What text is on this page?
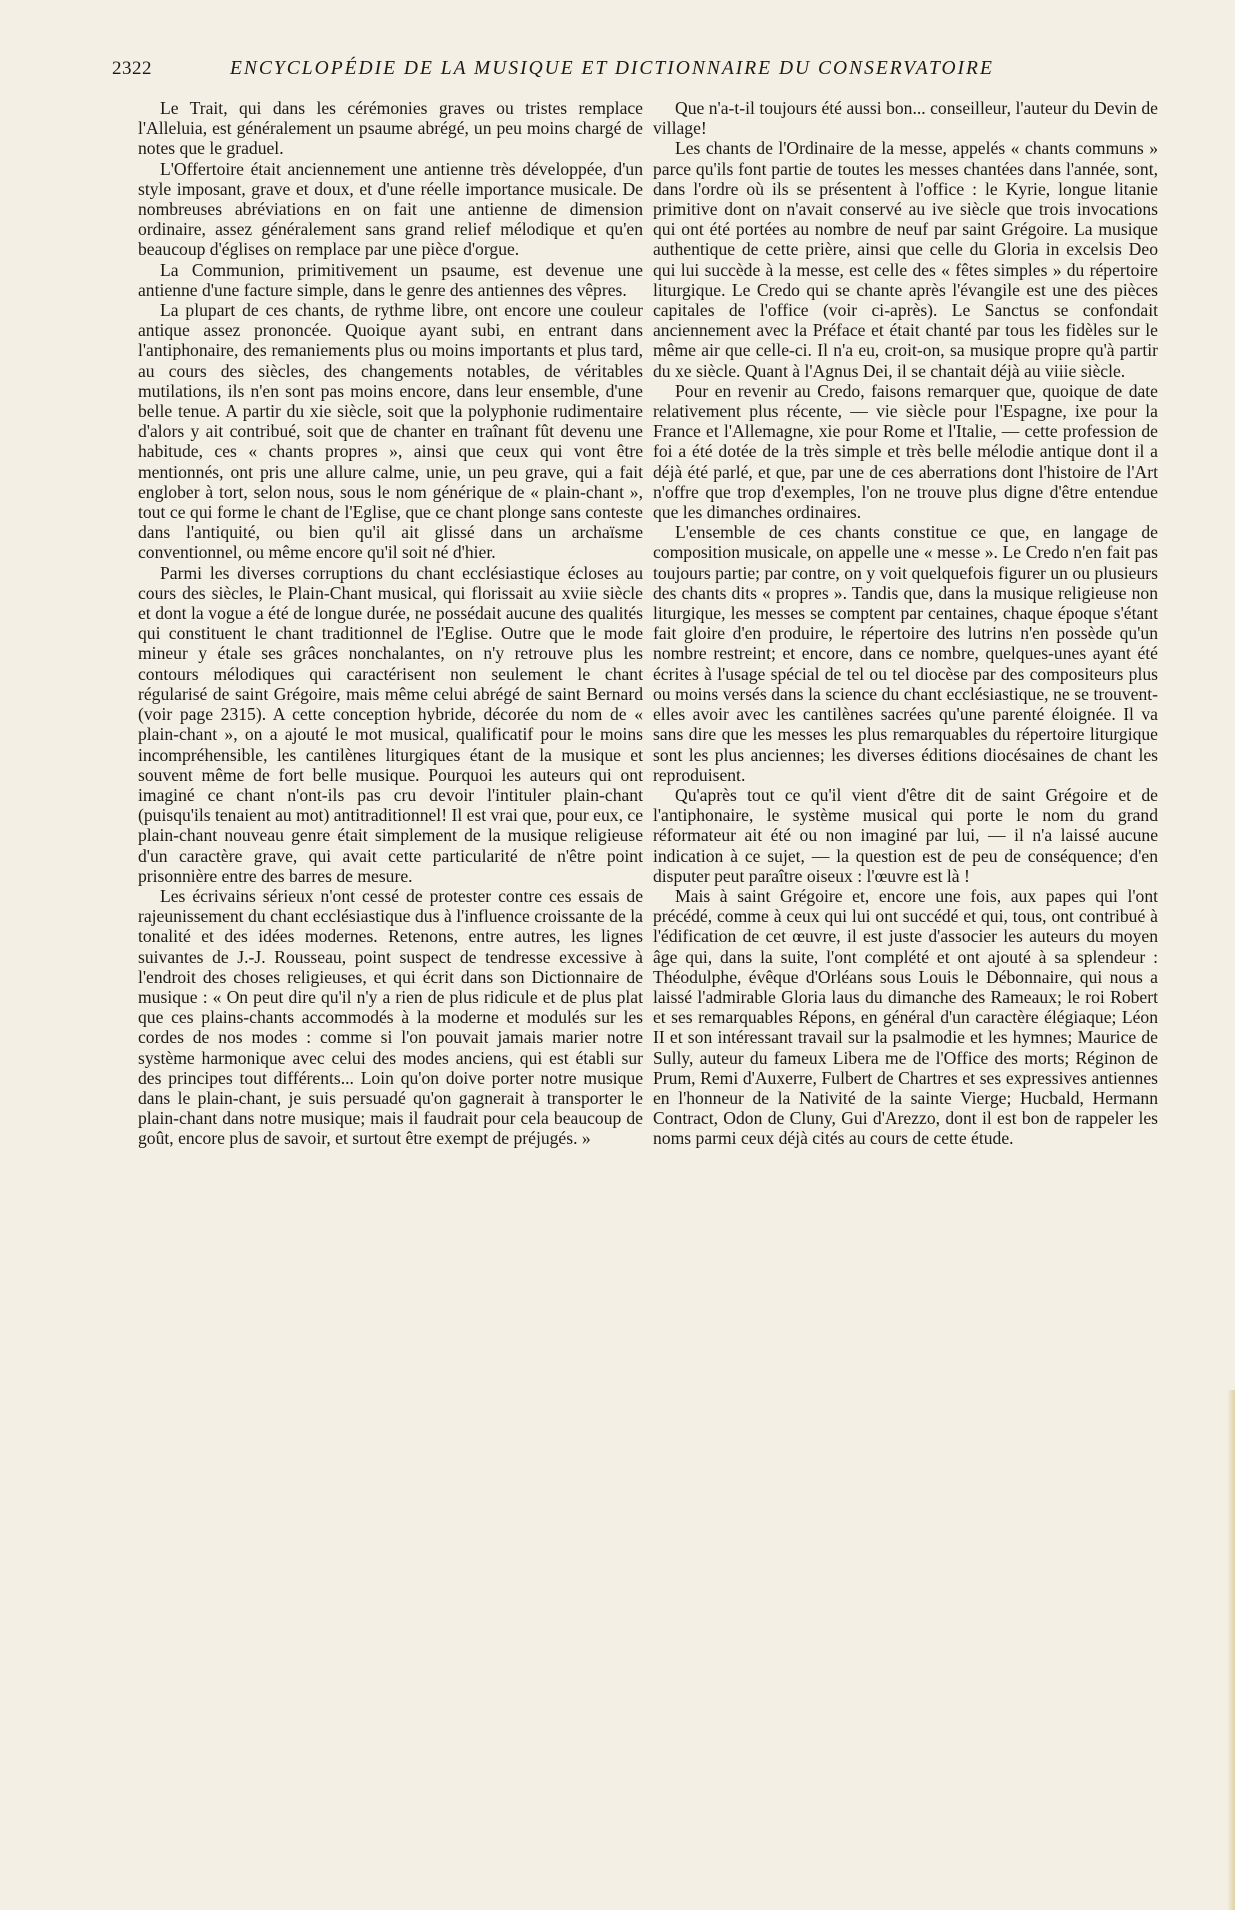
2322	ENCYCLOPÉDIE DE LA MUSIQUE ET DICTIONNAIRE DU CONSERVATOIRE

Le Trait, qui dans les cérémonies graves ou tristes remplace l'Alleluia, est généralement un psaume abrégé, un peu moins chargé de notes que le graduel.

L'Offertoire était anciennement une antienne très développée, d'un style imposant, grave et doux, et d'une réelle importance musicale. De nombreuses abréviations en on fait une antienne de dimension ordinaire, assez généralement sans grand relief mélodique et qu'en beaucoup d'églises on remplace par une pièce d'orgue.

La Communion, primitivement un psaume, est devenue une antienne d'une facture simple, dans le genre des antiennes des vêpres.

La plupart de ces chants, de rythme libre, ont encore une couleur antique assez prononcée. Quoique ayant subi, en entrant dans l'antiphonaire, des remaniements plus ou moins importants et plus tard, au cours des siècles, des changements notables, de véritables mutilations, ils n'en sont pas moins encore, dans leur ensemble, d'une belle tenue. A partir du xie siècle, soit que la polyphonie rudimentaire d'alors y ait contribué, soit que de chanter en traînant fût devenu une habitude, ces « chants propres », ainsi que ceux qui vont être mentionnés, ont pris une allure calme, unie, un peu grave, qui a fait englober à tort, selon nous, sous le nom générique de « plain-chant », tout ce qui forme le chant de l'Eglise, que ce chant plonge sans conteste dans l'antiquité, ou bien qu'il ait glissé dans un archaïsme conventionnel, ou même encore qu'il soit né d'hier.

Parmi les diverses corruptions du chant ecclésiastique écloses au cours des siècles, le Plain-Chant musical, qui florissait au xviie siècle et dont la vogue a été de longue durée, ne possédait aucune des qualités qui constituent le chant traditionnel de l'Eglise. Outre que le mode mineur y étale ses grâces nonchalantes, on n'y retrouve plus les contours mélodiques qui caractérisent non seulement le chant régularisé de saint Grégoire, mais même celui abrégé de saint Bernard (voir page 2315). A cette conception hybride, décorée du nom de « plain-chant », on a ajouté le mot musical, qualificatif pour le moins incompréhensible, les cantilènes liturgiques étant de la musique et souvent même de fort belle musique. Pourquoi les auteurs qui ont imaginé ce chant n'ont-ils pas cru devoir l'intituler plain-chant (puisqu'ils tenaient au mot) antitraditionnel! Il est vrai que, pour eux, ce plain-chant nouveau genre était simplement de la musique religieuse d'un caractère grave, qui avait cette particularité de n'être point prisonnière entre des barres de mesure.

Les écrivains sérieux n'ont cessé de protester contre ces essais de rajeunissement du chant ecclésiastique dus à l'influence croissante de la tonalité et des idées modernes. Retenons, entre autres, les lignes suivantes de J.-J. Rousseau, point suspect de tendresse excessive à l'endroit des choses religieuses, et qui écrit dans son Dictionnaire de musique : « On peut dire qu'il n'y a rien de plus ridicule et de plus plat que ces plains-chants accommodés à la moderne et modulés sur les cordes de nos modes : comme si l'on pouvait jamais marier notre système harmonique avec celui des modes anciens, qui est établi sur des principes tout différents... Loin qu'on doive porter notre musique dans le plain-chant, je suis persuadé qu'on gagnerait à transporter le plain-chant dans notre musique; mais il faudrait pour cela beaucoup de goût, encore plus de savoir, et surtout être exempt de préjugés. »

Que n'a-t-il toujours été aussi bon... conseilleur, l'auteur du Devin de village!

Les chants de l'Ordinaire de la messe, appelés « chants communs » parce qu'ils font partie de toutes les messes chantées dans l'année, sont, dans l'ordre où ils se présentent à l'office : le Kyrie, longue litanie primitive dont on n'avait conservé au ive siècle que trois invocations qui ont été portées au nombre de neuf par saint Grégoire. La musique authentique de cette prière, ainsi que celle du Gloria in excelsis Deo qui lui succède à la messe, est celle des « fêtes simples » du répertoire liturgique. Le Credo qui se chante après l'évangile est une des pièces capitales de l'office (voir ci-après). Le Sanctus se confondait anciennement avec la Préface et était chanté par tous les fidèles sur le même air que celle-ci. Il n'a eu, croit-on, sa musique propre qu'à partir du xe siècle. Quant à l'Agnus Dei, il se chantait déjà au viiie siècle.

Pour en revenir au Credo, faisons remarquer que, quoique de date relativement plus récente, — vie siècle pour l'Espagne, ixe pour la France et l'Allemagne, xie pour Rome et l'Italie, — cette profession de foi a été dotée de la très simple et très belle mélodie antique dont il a déjà été parlé, et que, par une de ces aberrations dont l'histoire de l'Art n'offre que trop d'exemples, l'on ne trouve plus digne d'être entendue que les dimanches ordinaires.

L'ensemble de ces chants constitue ce que, en langage de composition musicale, on appelle une « messe ». Le Credo n'en fait pas toujours partie; par contre, on y voit quelquefois figurer un ou plusieurs des chants dits « propres ». Tandis que, dans la musique religieuse non liturgique, les messes se comptent par centaines, chaque époque s'étant fait gloire d'en produire, le répertoire des lutrins n'en possède qu'un nombre restreint; et encore, dans ce nombre, quelques-unes ayant été écrites à l'usage spécial de tel ou tel diocèse par des compositeurs plus ou moins versés dans la science du chant ecclésiastique, ne se trouvent-elles avoir avec les cantilènes sacrées qu'une parenté éloignée. Il va sans dire que les messes les plus remarquables du répertoire liturgique sont les plus anciennes; les diverses éditions diocésaines de chant les reproduisent.

Qu'après tout ce qu'il vient d'être dit de saint Grégoire et de l'antiphonaire, le système musical qui porte le nom du grand réformateur ait été ou non imaginé par lui, — il n'a laissé aucune indication à ce sujet, — la question est de peu de conséquence; d'en disputer peut paraître oiseux : l'œuvre est là !

Mais à saint Grégoire et, encore une fois, aux papes qui l'ont précédé, comme à ceux qui lui ont succédé et qui, tous, ont contribué à l'édification de cet œuvre, il est juste d'associer les auteurs du moyen âge qui, dans la suite, l'ont complété et ont ajouté à sa splendeur : Théodulphe, évêque d'Orléans sous Louis le Débonnaire, qui nous a laissé l'admirable Gloria laus du dimanche des Rameaux; le roi Robert et ses remarquables Répons, en général d'un caractère élégiaque; Léon II et son intéressant travail sur la psalmodie et les hymnes; Maurice de Sully, auteur du fameux Libera me de l'Office des morts; Réginon de Prum, Remi d'Auxerre, Fulbert de Chartres et ses expressives antiennes en l'honneur de la Nativité de la sainte Vierge; Hucbald, Hermann Contract, Odon de Cluny, Gui d'Arezzo, dont il est bon de rappeler les noms parmi ceux déjà cités au cours de cette étude.
